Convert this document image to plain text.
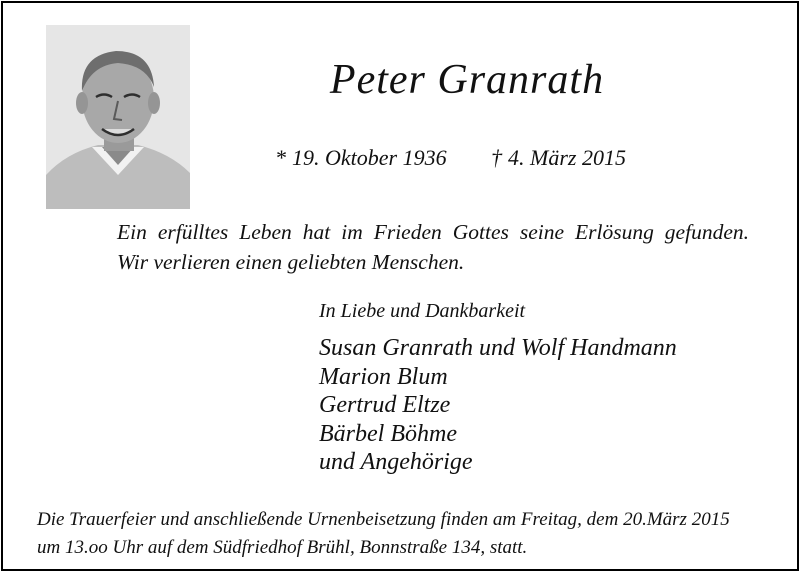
Peter Granrath
* 19. Oktober 1936 † 4. März 2015
Ein erfülltes Leben hat im Frieden Gottes seine Erlösung gefunden.
Wir verlieren einen geliebten Menschen.
In Liebe und Dankbarkeit
Susan Granrath und Wolf Handmann
Marion Blum
Gertrud Eltze
Bärbel Böhme
und Angehörige
Die Trauerfeier und anschließende Urnenbeisetzung finden am Freitag, dem 20.März 2015
um 13.oo Uhr auf dem Südfriedhof Brühl, Bonnstraße 134, statt.
